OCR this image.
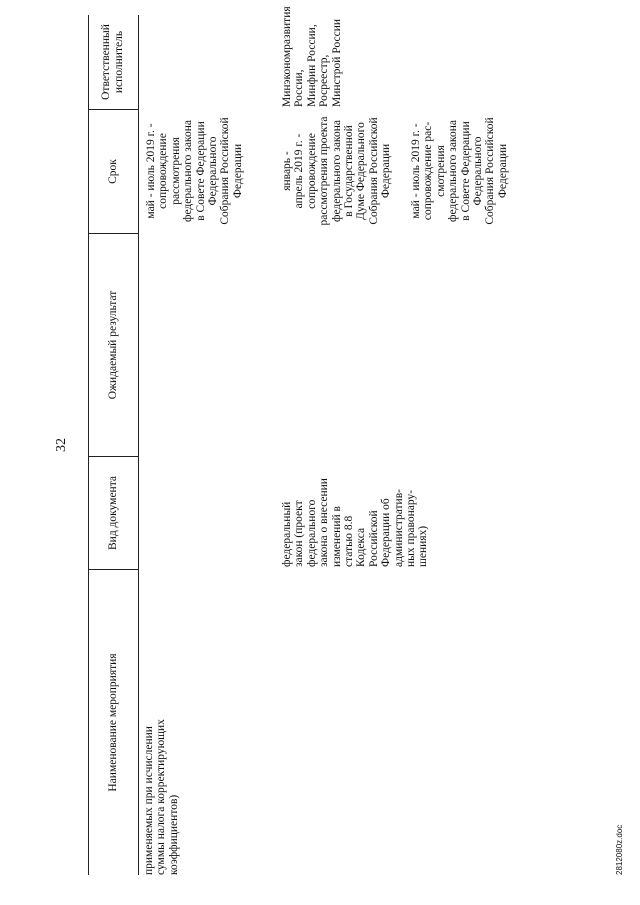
32
Наименование мероприятия
Вид документа
Ожидаемый результат
Срок
Ответственный
исполнитель
применяемых при исчислении
суммы налога корректирующих
коэффициентов)
май - июль 2019 г. -
сопровождение
рассмотрения
федерального закона
в Совете Федерации
Федерального
Собрания Российской
Федерации
федеральный
закон (проект
федерального
закона о внесении
изменений в
статью 8.8
Кодекса
Российской
Федерации об
административ-
ных правонару-
шениях)
январь -
апрель 2019 г. -
сопровождение
рассмотрения проекта
федерального закона
в Государственной
Думе Федерального
Собрания Российской
Федерации
май - июль 2019 г. -
сопровождение рас-
смотрения
федерального закона
в Совете Федерации
Федерального
Собрания Российской
Федерации
Минэкономразвития
России,
Минфин России,
Росреестр,
Минстрой России
2812080z.doc
